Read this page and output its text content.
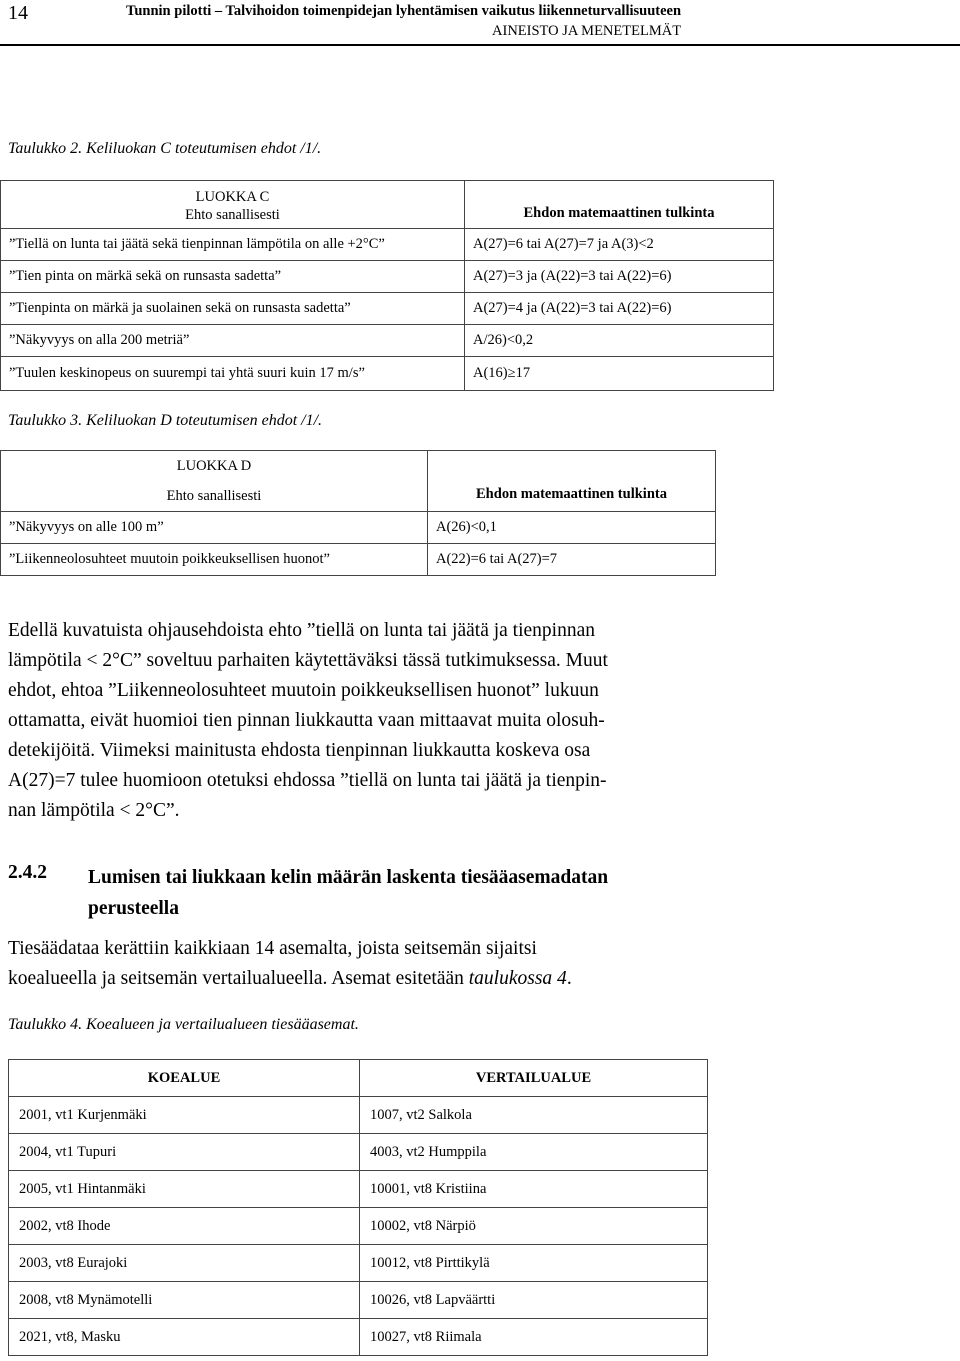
14	Tunnin pilotti – Talvihoidon toimenpidejan lyhentämisen vaikutus liikenneturvallisuuteen
AINEISTO JA MENETELMÄT
Taulukko 2. Keliluokan C toteutumisen ehdot /1/.
LUOKKA C
Ehto sanallisesti	Ehdon matemaattinen tulkinta
”Tiellä on lunta tai jäätä sekä tienpinnan lämpötila on alle +2°C”	A(27)=6 tai A(27)=7 ja A(3)<2
”Tien pinta on märkä sekä on runsasta sadetta”	A(27)=3 ja (A(22)=3 tai A(22)=6)
”Tienpinta on märkä ja suolainen sekä on runsasta sadetta”	A(27)=4 ja (A(22)=3 tai A(22)=6)
”Näkyvyys on alla 200 metriä”	A/26)<0,2
”Tuulen keskinopeus on suurempi tai yhtä suuri kuin 17 m/s”	A(16)≥17
Taulukko 3. Keliluokan D toteutumisen ehdot /1/.
LUOKKA D
Ehto sanallisesti	Ehdon matemaattinen tulkinta
”Näkyvyys on alle 100 m”	A(26)<0,1
”Liikenneolosuhteet muutoin poikkeuksellisen huonot”	A(22)=6 tai A(27)=7
Edellä kuvatuista ohjausehdoista ehto ”tiellä on lunta tai jäätä ja tienpinnan
lämpötila < 2°C” soveltuu parhaiten käytettäväksi tässä tutkimuksessa. Muut
ehdot, ehtoa ”Liikenneolosuhteet muutoin poikkeuksellisen huonot” lukuun
ottamatta, eivät huomioi tien pinnan liukkautta vaan mittaavat muita olosuh-
detekijöitä. Viimeksi mainitusta ehdosta tienpinnan liukkautta koskeva osa
A(27)=7 tulee huomioon otetuksi ehdossa ”tiellä on lunta tai jäätä ja tienpin-
nan lämpötila < 2°C”.
2.4.2 Lumisen tai liukkaan kelin määrän laskenta tiesääasemadatan
perusteella
Tiesäädataa kerättiin kaikkiaan 14 asemalta, joista seitsemän sijaitsi
koealueella ja seitsemän vertailualueella. Asemat esitetään taulukossa 4.
Taulukko 4. Koealueen ja vertailualueen tiesääasemat.
KOEALUE	VERTAILUALUE
2001, vt1 Kurjenmäki	1007, vt2 Salkola
2004, vt1 Tupuri	4003, vt2 Humppila
2005, vt1 Hintanmäki	10001, vt8 Kristiina
2002, vt8 Ihode	10002, vt8 Närpiö
2003, vt8 Eurajoki	10012, vt8 Pirttikylä
2008, vt8 Mynämotelli	10026, vt8 Lapväärtti
2021, vt8, Masku	10027, vt8 Riimala
